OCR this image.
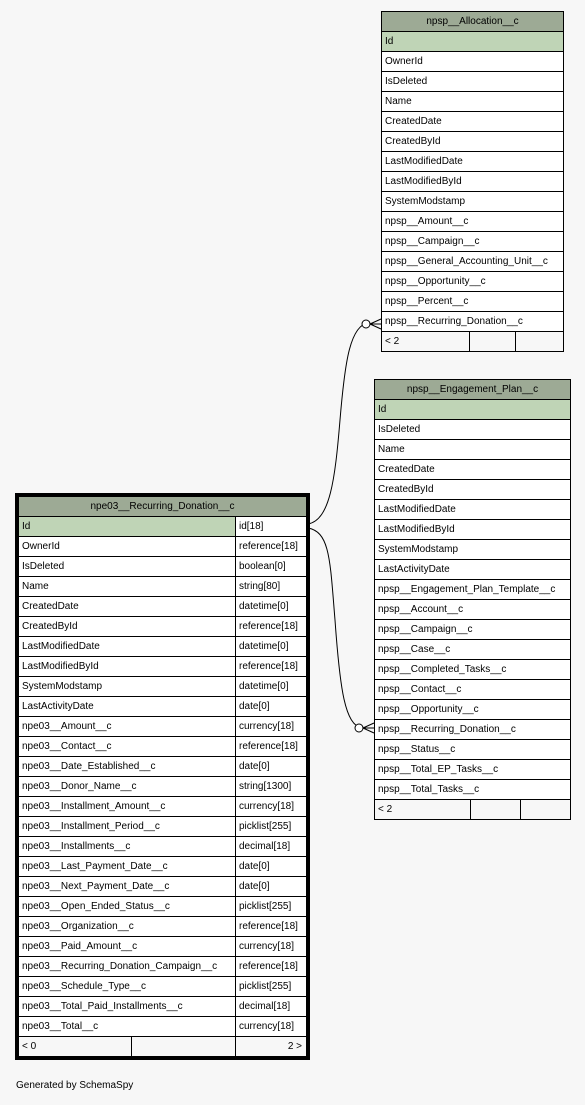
npsp__Allocation__c
Id
OwnerId
IsDeleted
Name
CreatedDate
CreatedById
LastModifiedDate
LastModifiedById
SystemModstamp
npsp__Amount__c
npsp__Campaign__c
npsp__General_Accounting_Unit__c
npsp__Opportunity__c
npsp__Percent__c
npsp__Recurring_Donation__c
< 2		
npsp__Engagement_Plan__c
Id
IsDeleted
Name
CreatedDate
CreatedById
LastModifiedDate
LastModifiedById
SystemModstamp
LastActivityDate
npsp__Engagement_Plan_Template__c
npsp__Account__c
npsp__Campaign__c
npsp__Case__c
npsp__Completed_Tasks__c
npsp__Contact__c
npsp__Opportunity__c
npsp__Recurring_Donation__c
npsp__Status__c
npsp__Total_EP_Tasks__c
npsp__Total_Tasks__c
< 2		
npe03__Recurring_Donation__c		
Id		id[18]
OwnerId		reference[18]
IsDeleted		boolean[0]
Name		string[80]
CreatedDate		datetime[0]
CreatedById		reference[18]
LastModifiedDate		datetime[0]
LastModifiedById		reference[18]
SystemModstamp		datetime[0]
LastActivityDate		date[0]
npe03__Amount__c		currency[18]
npe03__Contact__c		reference[18]
npe03__Date_Established__c		date[0]
npe03__Donor_Name__c		string[1300]
npe03__Installment_Amount__c		currency[18]
npe03__Installment_Period__c		picklist[255]
npe03__Installments__c		decimal[18]
npe03__Last_Payment_Date__c		date[0]
npe03__Next_Payment_Date__c		date[0]
npe03__Open_Ended_Status__c		picklist[255]
npe03__Organization__c		reference[18]
npe03__Paid_Amount__c		currency[18]
npe03__Recurring_Donation_Campaign__c		reference[18]
npe03__Schedule_Type__c		picklist[255]
npe03__Total_Paid_Installments__c		decimal[18]
npe03__Total__c		currency[18]
< 0		2 >
Generated by SchemaSpy
